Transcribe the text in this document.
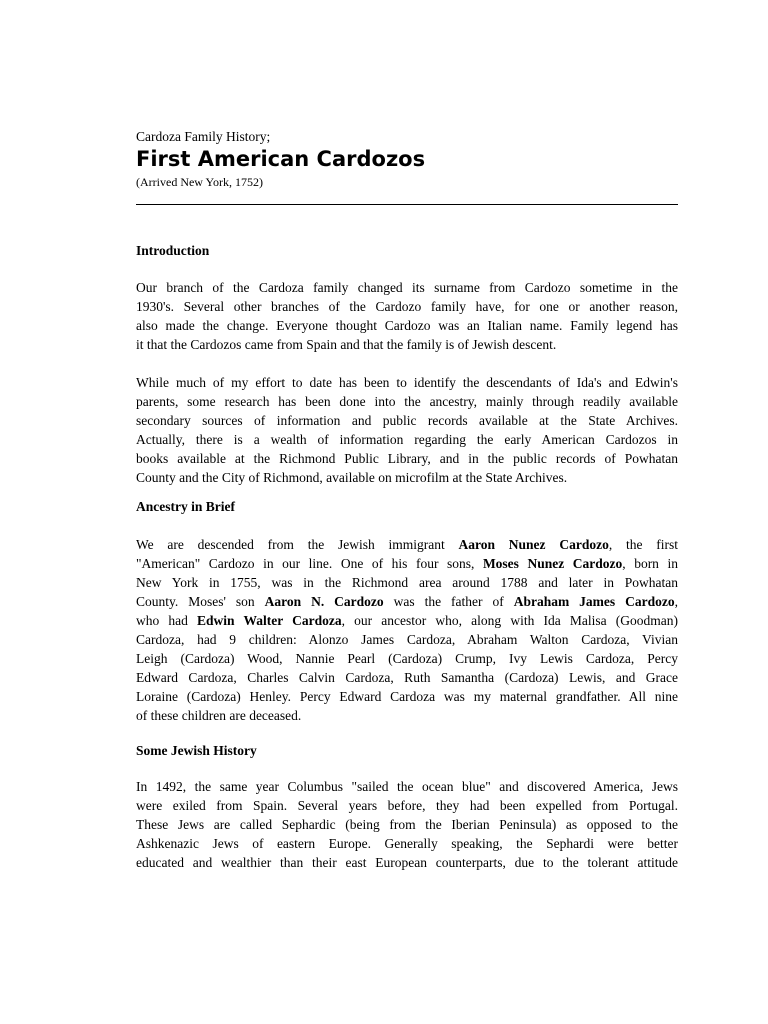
Cardoza Family History;
First American Cardozos
(Arrived New York, 1752)
Introduction
Our branch of the Cardoza family changed its surname from Cardozo sometime in the
1930's. Several other branches of the Cardozo family have, for one or another reason,
also made the change. Everyone thought Cardozo was an Italian name. Family legend has
it that the Cardozos came from Spain and that the family is of Jewish descent.
While much of my effort to date has been to identify the descendants of Ida's and Edwin's
parents, some research has been done into the ancestry, mainly through readily available
secondary sources of information and public records available at the State Archives.
Actually, there is a wealth of information regarding the early American Cardozos in
books available at the Richmond Public Library, and in the public records of Powhatan
County and the City of Richmond, available on microfilm at the State Archives.
Ancestry in Brief
We are descended from the Jewish immigrant Aaron Nunez Cardozo, the first
"American" Cardozo in our line. One of his four sons, Moses Nunez Cardozo, born in
New York in 1755, was in the Richmond area around 1788 and later in Powhatan
County. Moses' son Aaron N. Cardozo was the father of Abraham James Cardozo,
who had Edwin Walter Cardoza, our ancestor who, along with Ida Malisa (Goodman)
Cardoza, had 9 children: Alonzo James Cardoza, Abraham Walton Cardoza, Vivian
Leigh (Cardoza) Wood, Nannie Pearl (Cardoza) Crump, Ivy Lewis Cardoza, Percy
Edward Cardoza, Charles Calvin Cardoza, Ruth Samantha (Cardoza) Lewis, and Grace
Loraine (Cardoza) Henley. Percy Edward Cardoza was my maternal grandfather. All nine
of these children are deceased.
Some Jewish History
In 1492, the same year Columbus "sailed the ocean blue" and discovered America, Jews
were exiled from Spain. Several years before, they had been expelled from Portugal.
These Jews are called Sephardic (being from the Iberian Peninsula) as opposed to the
Ashkenazic Jews of eastern Europe. Generally speaking, the Sephardi were better
educated and wealthier than their east European counterparts, due to the tolerant attitude
